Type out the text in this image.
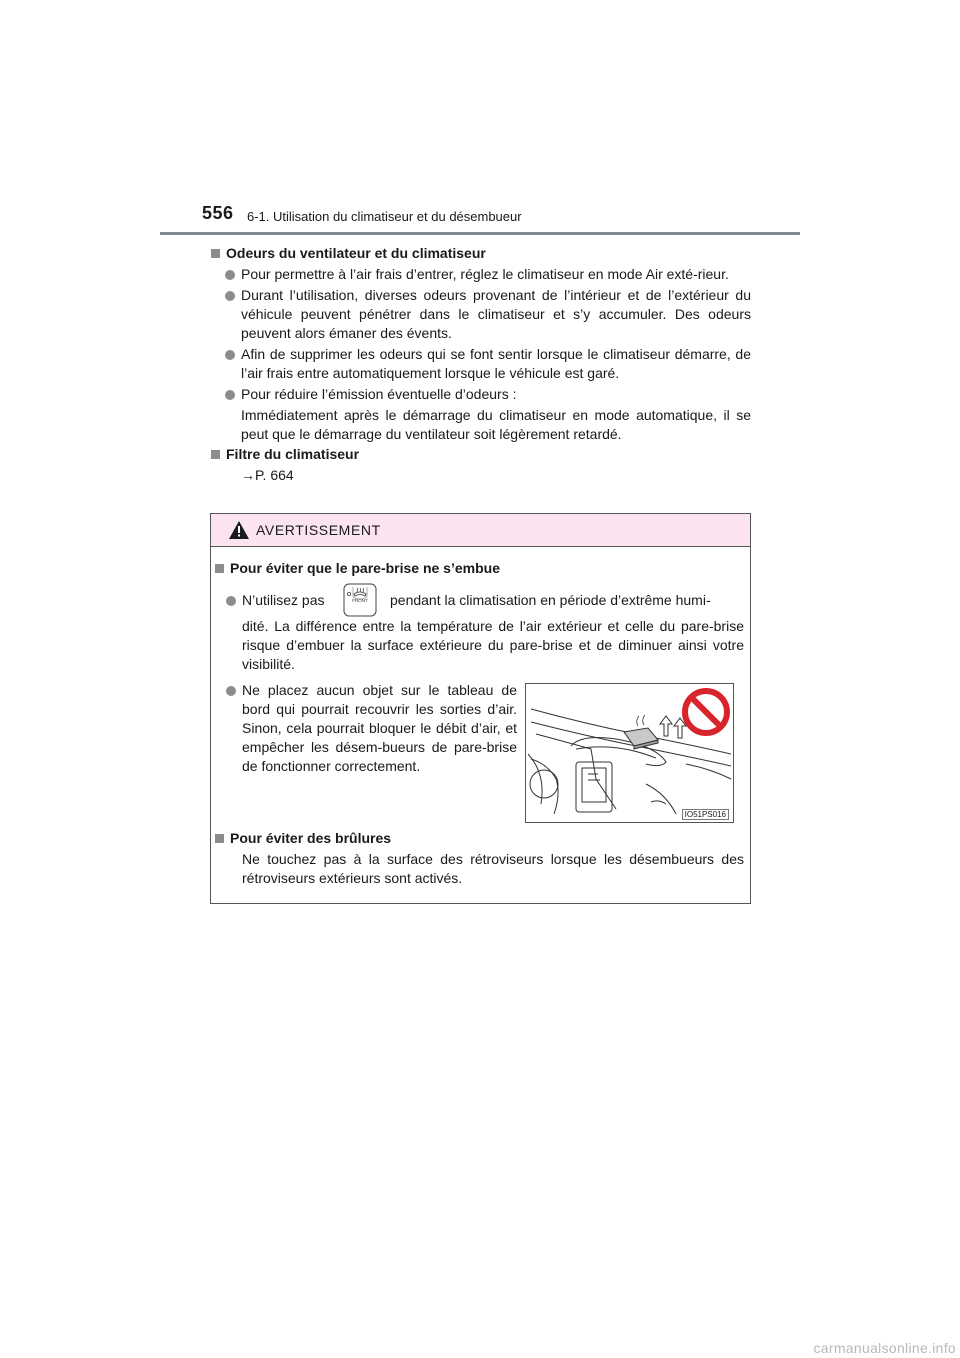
556 6-1. Utilisation du climatiseur et du désembueur
Odeurs du ventilateur et du climatiseur
Pour permettre à l’air frais d’entrer, réglez le climatiseur en mode Air exté-rieur.
Durant l’utilisation, diverses odeurs provenant de l’intérieur et de l’extérieur du véhicule peuvent pénétrer dans le climatiseur et s’y accumuler. Des odeurs peuvent alors émaner des évents.
Afin de supprimer les odeurs qui se font sentir lorsque le climatiseur démarre, de l’air frais entre automatiquement lorsque le véhicule est garé.
Pour réduire l’émission éventuelle d’odeurs :
Immédiatement après le démarrage du climatiseur en mode automatique, il se peut que le démarrage du ventilateur soit légèrement retardé.
Filtre du climatiseur
→P. 664
AVERTISSEMENT
Pour éviter que le pare-brise ne s’embue
N’utilisez pas	pendant la climatisation en période d’extrême humi-
dité. La différence entre la température de l’air extérieur et celle du pare-brise risque d’embuer la surface extérieure du pare-brise et de diminuer ainsi votre visibilité.
Ne placez aucun objet sur le tableau de bord qui pourrait recouvrir les sorties d’air. Sinon, cela pourrait bloquer le débit d’air, et empêcher les désem-bueurs de pare-brise de fonctionner correctement.
Pour éviter des brûlures
Ne touchez pas à la surface des rétroviseurs lorsque les désembueurs des rétroviseurs extérieurs sont activés.
FRONT
IO51PS016
carmanualsonline.info
